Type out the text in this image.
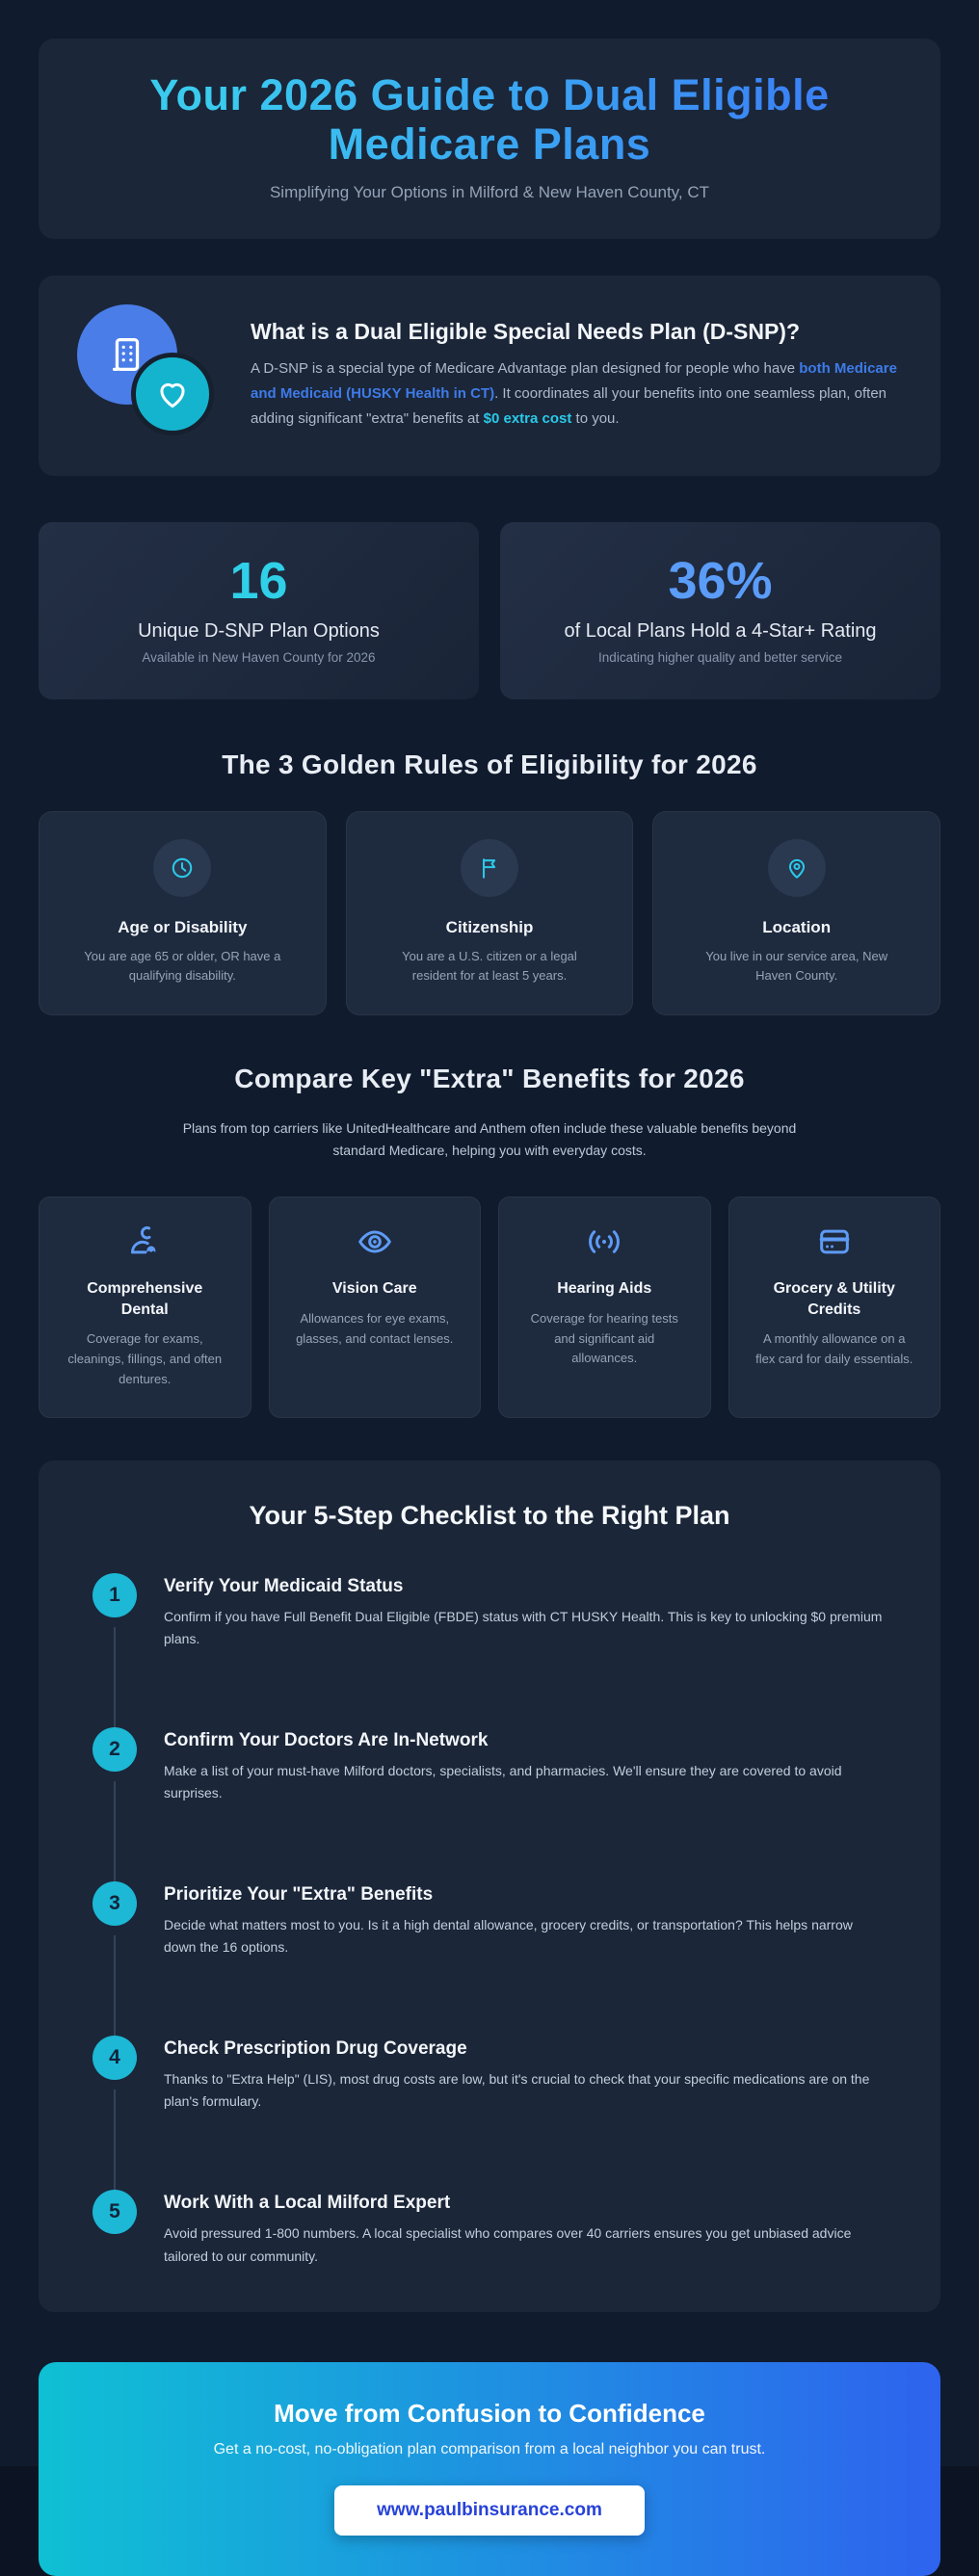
Your 2026 Guide to Dual Eligible Medicare Plans
Simplifying Your Options in Milford & New Haven County, CT
What is a Dual Eligible Special Needs Plan (D-SNP)?

A D-SNP is a special type of Medicare Advantage plan designed for people who have both Medicare and Medicaid (HUSKY Health in CT). It coordinates all your benefits into one seamless plan, often adding significant "extra" benefits at $0 extra cost to you.

16
Unique D-SNP Plan Options
Available in New Haven County for 2026
36%
of Local Plans Hold a 4-Star+ Rating
Indicating higher quality and better service
The 3 Golden Rules of Eligibility for 2026
Age or Disability
You are age 65 or older, OR have a qualifying disability.
Citizenship
You are a U.S. citizen or a legal resident for at least 5 years.
Location
You live in our service area, New Haven County.
Compare Key "Extra" Benefits for 2026

Plans from top carriers like UnitedHealthcare and Anthem often include these valuable benefits beyond standard Medicare, helping you with everyday costs.

Comprehensive Dental
Coverage for exams, cleanings, fillings, and often dentures.
Vision Care
Allowances for eye exams, glasses, and contact lenses.
Hearing Aids
Coverage for hearing tests and significant aid allowances.
Grocery & Utility Credits
A monthly allowance on a flex card for daily essentials.
Your 5-Step Checklist to the Right Plan
1	Verify Your Medicaid Status
Confirm if you have Full Benefit Dual Eligible (FBDE) status with CT HUSKY Health. This is key to unlocking $0 premium plans.
2	Confirm Your Doctors Are In-Network
Make a list of your must-have Milford doctors, specialists, and pharmacies. We'll ensure they are covered to avoid surprises.
3	Prioritize Your "Extra" Benefits
Decide what matters most to you. Is it a high dental allowance, grocery credits, or transportation? This helps narrow down the 16 options.
4	Check Prescription Drug Coverage
Thanks to "Extra Help" (LIS), most drug costs are low, but it's crucial to check that your specific medications are on the plan's formulary.
5	Work With a Local Milford Expert
Avoid pressured 1-800 numbers. A local specialist who compares over 40 carriers ensures you get unbiased advice tailored to our community.
Move from Confusion to Confidence
Get a no-cost, no-obligation plan comparison from a local neighbor you can trust.
www.paulbinsurance.com
